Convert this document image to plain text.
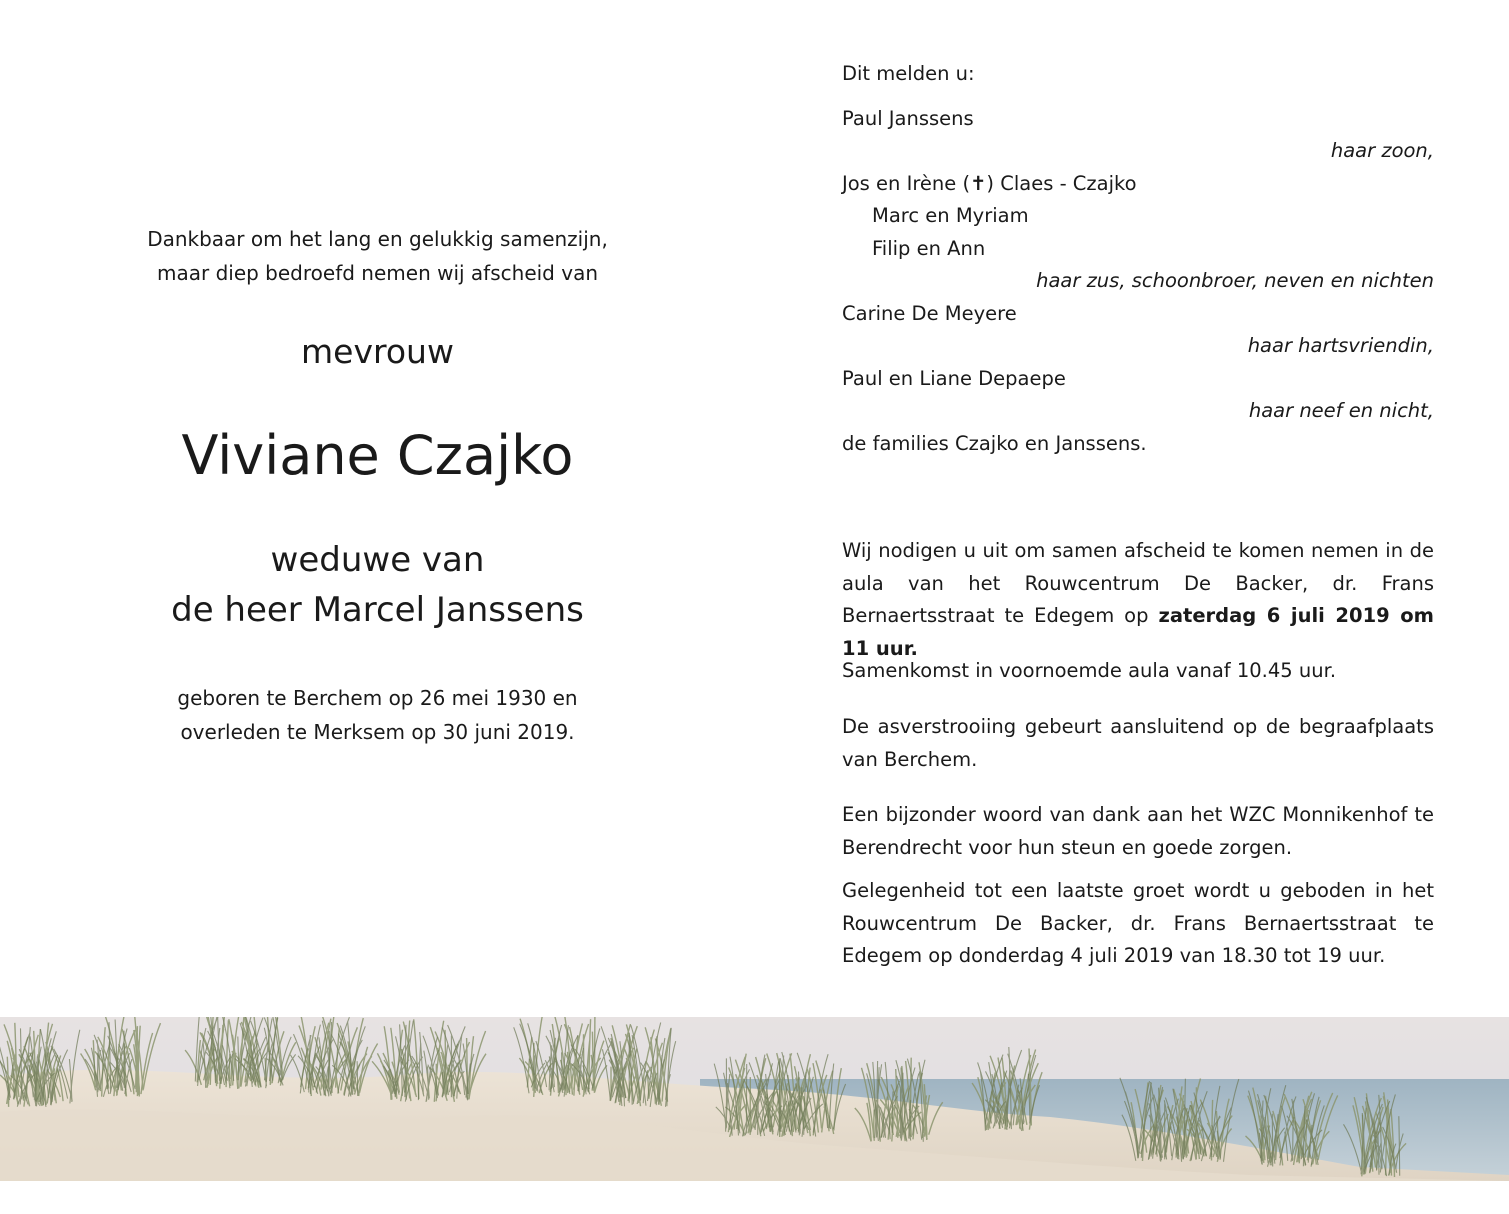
Dankbaar om het lang en gelukkig samenzijn,
maar diep bedroefd nemen wij afscheid van
mevrouw
Viviane Czajko
weduwe van
de heer Marcel Janssens
geboren te Berchem op 26 mei 1930 en
overleden te Merksem op 30 juni 2019.
Dit melden u:
Paul Janssens
haar zoon,
Jos en Irène (✝) Claes - Czajko
Marc en Myriam
Filip en Ann
haar zus, schoonbroer, neven en nichten
Carine De Meyere
haar hartsvriendin,
Paul en Liane Depaepe
haar neef en nicht,
de families Czajko en Janssens.
Wij nodigen u uit om samen afscheid te komen nemen in de aula van het Rouwcentrum De Backer, dr. Frans Bernaertsstraat te Edegem op zaterdag 6 juli 2019 om 11 uur.
Samenkomst in voornoemde aula vanaf 10.45 uur.
De asverstrooiing gebeurt aansluitend op de begraafplaats van Berchem.
Een bijzonder woord van dank aan het WZC Monnikenhof te Berendrecht voor hun steun en goede zorgen.
Gelegenheid tot een laatste groet wordt u geboden in het Rouwcentrum De Backer, dr. Frans Bernaertsstraat te Edegem op donderdag 4 juli 2019 van 18.30 tot 19 uur.
